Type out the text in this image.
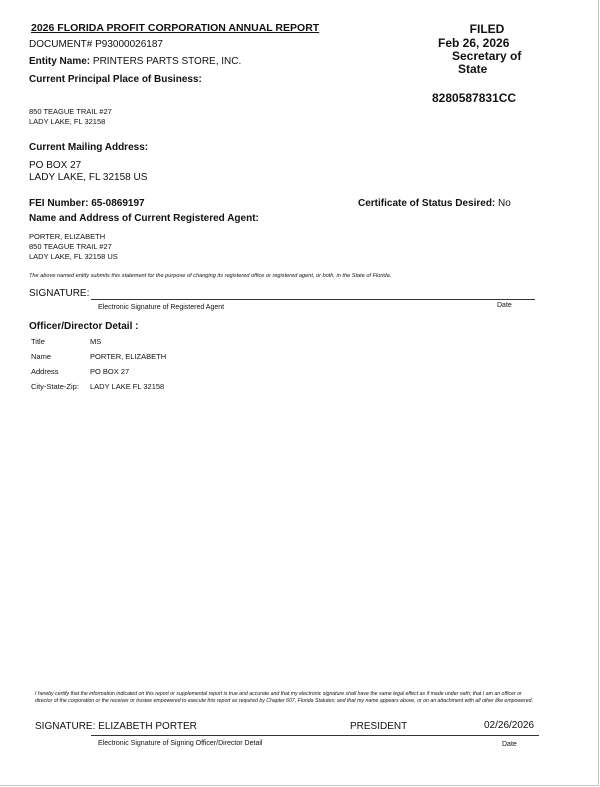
2026 FLORIDA PROFIT CORPORATION ANNUAL REPORT
DOCUMENT# P93000026187
Entity Name: PRINTERS PARTS STORE, INC.
Current Principal Place of Business:
850 TEAGUE TRAIL #27
LADY LAKE, FL 32158
Current Mailing Address:
PO BOX 27
LADY LAKE, FL 32158 US
FEI Number: 65-0869197	Certificate of Status Desired: No
Name and Address of Current Registered Agent:
PORTER, ELIZABETH
850 TEAGUE TRAIL #27
LADY LAKE, FL 32158 US
The above named entity submits this statement for the purpose of changing its registered office or registered agent, or both, in the State of Florida.
SIGNATURE:
Electronic Signature of Registered Agent	Date
Officer/Director Detail :
Title	MS
Name	PORTER, ELIZABETH
Address	PO BOX 27
City-State-Zip: LADY LAKE FL 32158
FILED
Feb 26, 2026
Secretary of
State
8280587831CC
I hereby certify that the information indicated on this report or supplemental report is true and accurate and that my electronic signature shall have the same legal effect as if made under oath; that I am an officer or director of the corporation or the receiver or trustee empowered to execute this report as required by Chapter 607, Florida Statutes; and that my name appears above, or on an attachment with all other like empowered.
SIGNATURE: ELIZABETH PORTER	PRESIDENT	02/26/2026
Electronic Signature of Signing Officer/Director Detail	Date
